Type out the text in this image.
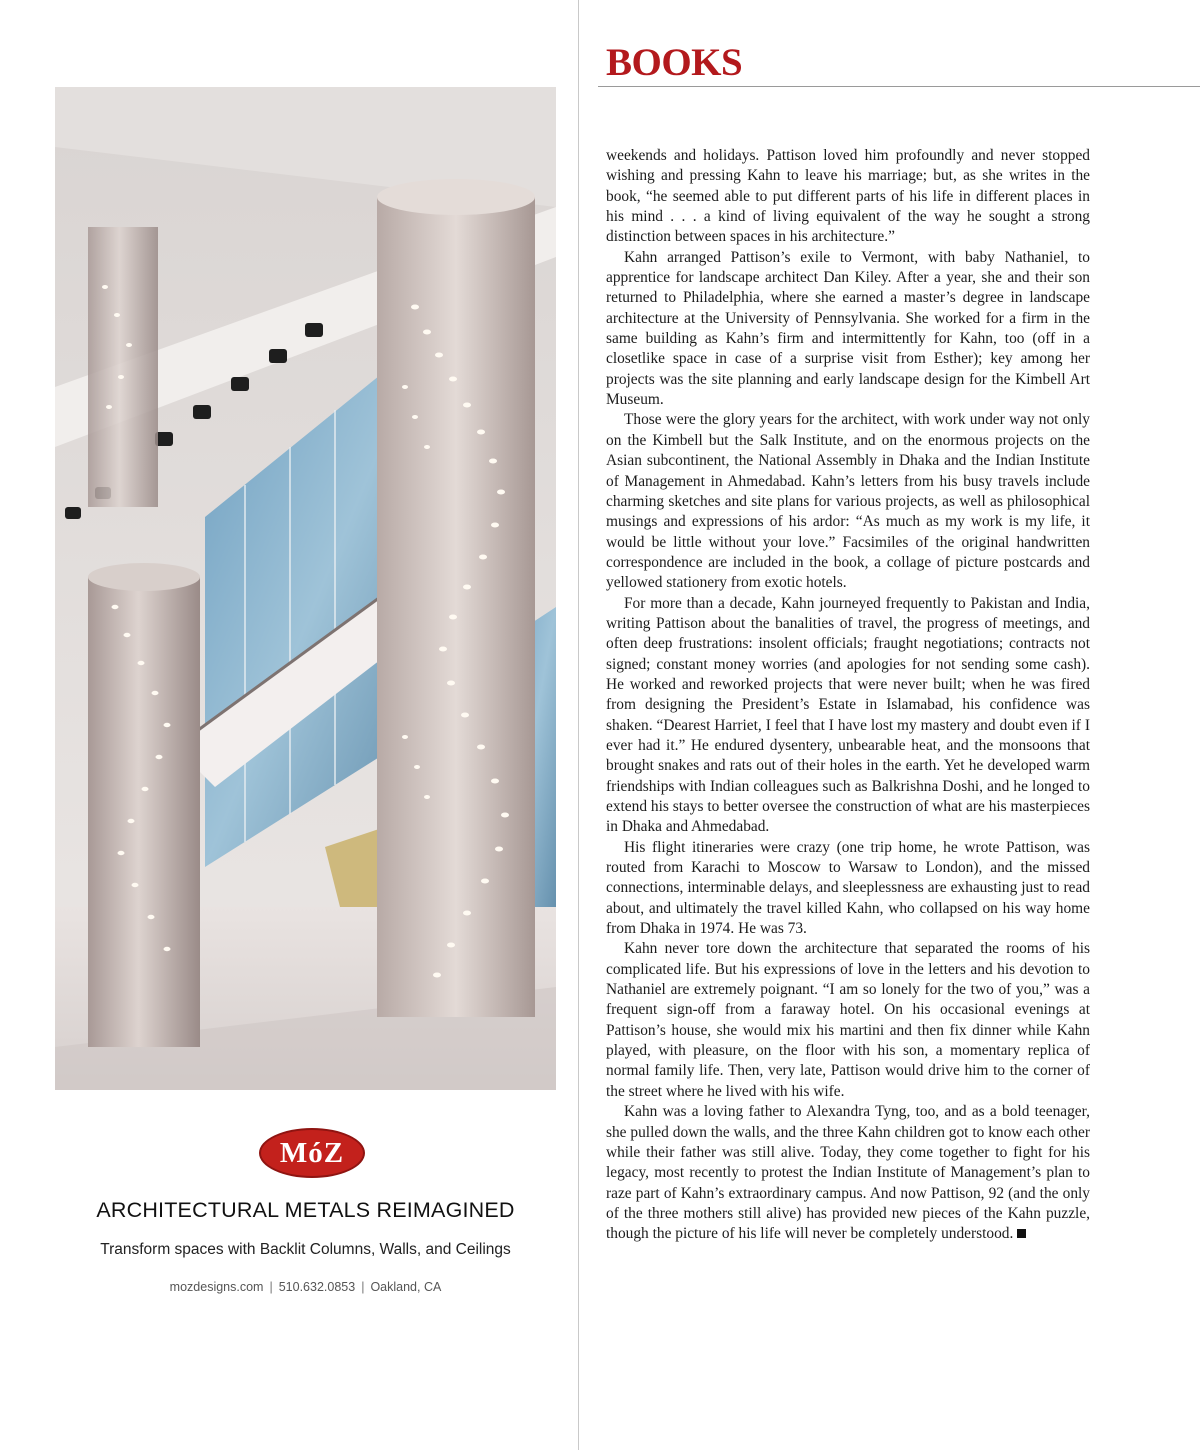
MóZ
ARCHITECTURAL METALS REIMAGINED
Transform spaces with Backlit Columns, Walls, and Ceilings
mozdesigns.com | 510.632.0853 | Oakland, CA
BOOKS

weekends and holidays. Pattison loved him profoundly and never stopped wishing and pressing Kahn to leave his marriage; but, as she writes in the book, “he seemed able to put different parts of his life in different places in his mind . . . a kind of living equivalent of the way he sought a strong distinction between spaces in his architecture.”

Kahn arranged Pattison’s exile to Vermont, with baby Nathaniel, to apprentice for landscape architect Dan Kiley. After a year, she and their son returned to Philadelphia, where she earned a master’s degree in landscape architecture at the University of Pennsylvania. She worked for a firm in the same building as Kahn’s firm and intermittently for Kahn, too (off in a closetlike space in case of a surprise visit from Esther); key among her projects was the site planning and early landscape design for the Kimbell Art Museum.

Those were the glory years for the architect, with work under way not only on the Kimbell but the Salk Institute, and on the enormous projects on the Asian subcontinent, the National Assembly in Dhaka and the Indian Institute of Management in Ahmedabad. Kahn’s letters from his busy travels include charming sketches and site plans for various projects, as well as philosophical musings and expressions of his ardor: “As much as my work is my life, it would be little without your love.” Facsimiles of the original handwritten correspondence are included in the book, a collage of picture postcards and yellowed stationery from exotic hotels.

For more than a decade, Kahn journeyed frequently to Pakistan and India, writing Pattison about the banalities of travel, the progress of meetings, and often deep frustrations: insolent officials; fraught negotiations; contracts not signed; constant money worries (and apologies for not sending some cash). He worked and reworked projects that were never built; when he was fired from designing the President’s Estate in Islamabad, his confidence was shaken. “Dearest Harriet, I feel that I have lost my mastery and doubt even if I ever had it.” He endured dysentery, unbearable heat, and the monsoons that brought snakes and rats out of their holes in the earth. Yet he developed warm friendships with Indian colleagues such as Balkrishna Doshi, and he longed to extend his stays to better oversee the construction of what are his masterpieces in Dhaka and Ahmedabad.

His flight itineraries were crazy (one trip home, he wrote Pattison, was routed from Karachi to Moscow to Warsaw to London), and the missed connections, interminable delays, and sleeplessness are exhausting just to read about, and ultimately the travel killed Kahn, who collapsed on his way home from Dhaka in 1974. He was 73.

Kahn never tore down the architecture that separated the rooms of his complicated life. But his expressions of love in the letters and his devotion to Nathaniel are extremely poignant. “I am so lonely for the two of you,” was a frequent sign-off from a faraway hotel. On his occasional evenings at Pattison’s house, she would mix his martini and then fix dinner while Kahn played, with pleasure, on the floor with his son, a momentary replica of normal family life. Then, very late, Pattison would drive him to the corner of the street where he lived with his wife.

Kahn was a loving father to Alexandra Tyng, too, and as a bold teenager, she pulled down the walls, and the three Kahn children got to know each other while their father was still alive. Today, they come together to fight for his legacy, most recently to protest the Indian Institute of Management’s plan to raze part of Kahn’s extraordinary campus. And now Pattison, 92 (and the only of the three mothers still alive) has provided new pieces of the Kahn puzzle, though the picture of his life will never be completely understood.
